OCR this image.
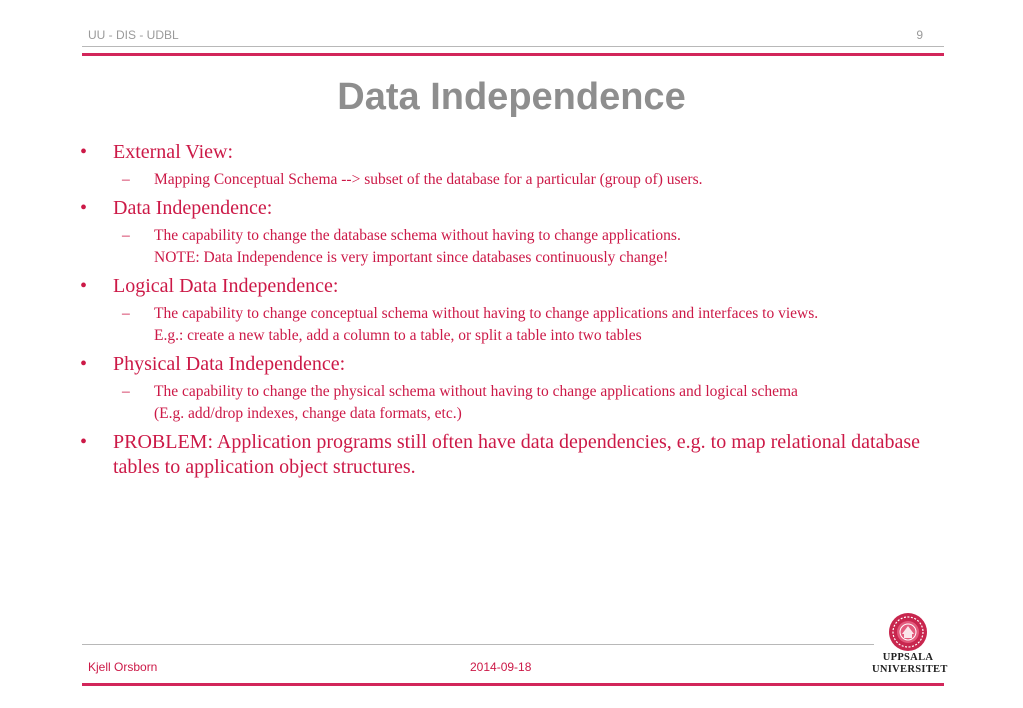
UU - DIS - UDBL	9
Data Independence
• External View:
– Mapping Conceptual Schema --> subset of the database for a particular (group of) users.
• Data Independence:
– The capability to change the database schema without having to change applications.
NOTE: Data Independence is very important since databases continuously change!
• Logical Data Independence:
– The capability to change conceptual schema without having to change applications and interfaces to views.
E.g.: create a new table, add a column to a table, or split a table into two tables
• Physical Data Independence:
– The capability to change the physical schema without having to change applications and logical schema
(E.g. add/drop indexes, change data formats, etc.)
• PROBLEM: Application programs still often have data dependencies, e.g. to map relational database tables to application object structures.
Kjell Orsborn	2014-09-18
UPPSALA
UNIVERSITET
